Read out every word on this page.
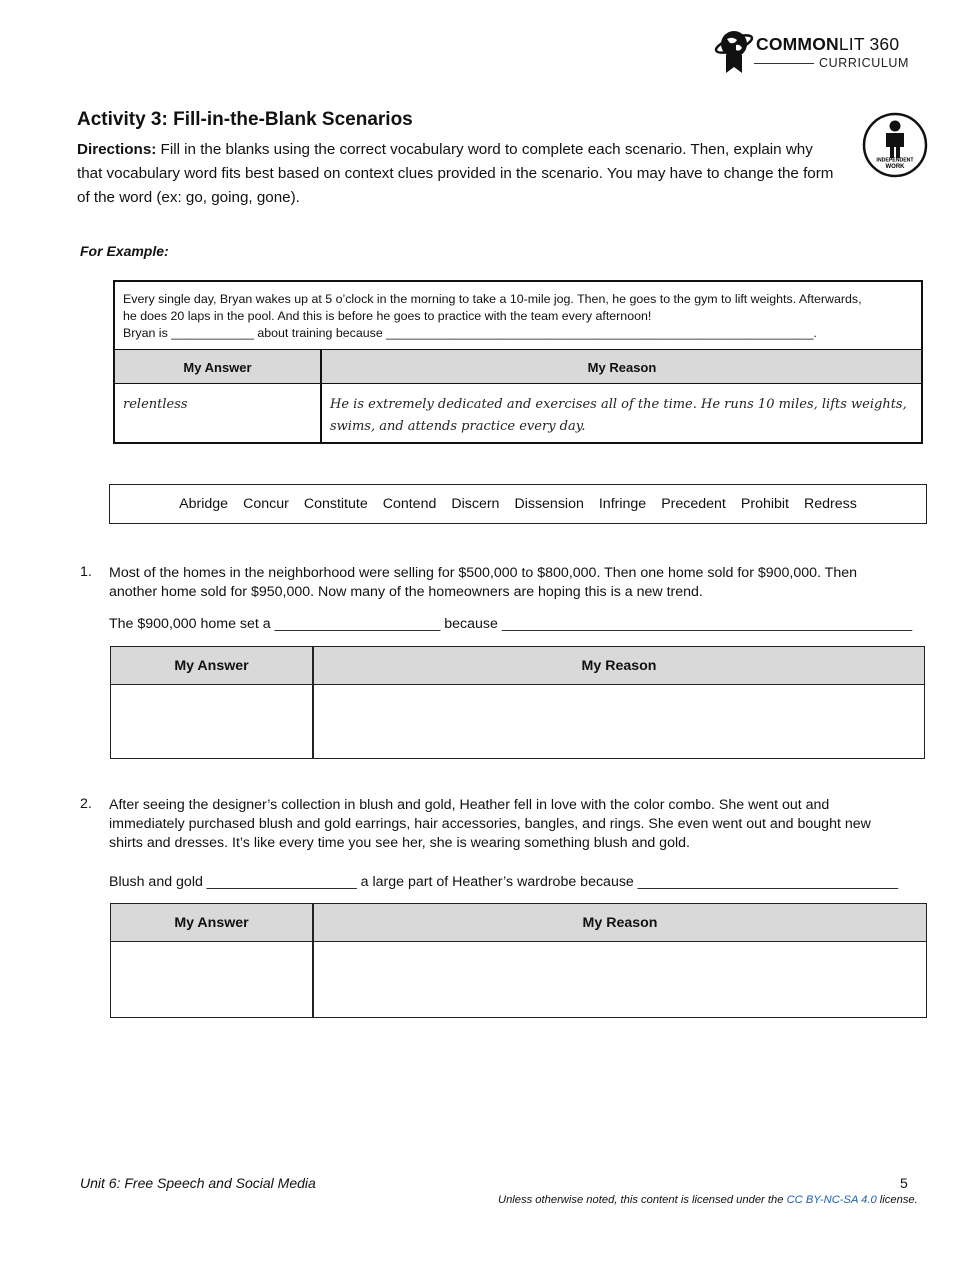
COMMONLIT 360
CURRICULUM
Activity 3: Fill-in-the-Blank Scenarios
Directions: Fill in the blanks using the correct vocabulary word to complete each scenario. Then, explain why that vocabulary word fits best based on context clues provided in the scenario. You may have to change the form of the word (ex: go, going, gone).
INDEPENDENT
WORK
For Example:
Every single day, Bryan wakes up at 5 o’clock in the morning to take a 10-mile jog. Then, he goes to the gym to lift weights. Afterwards,
he does 20 laps in the pool. And this is before he goes to practice with the team every afternoon!
Bryan is ____________ about training because ______________________________________________________________.
My Answer	My Reason
relentless	He is extremely dedicated and exercises all of the time. He runs 10 miles, lifts weights, swims, and attends practice every day.
Abridge Concur Constitute Contend Discern Dissension Infringe Precedent Prohibit Redress
1. Most of the homes in the neighborhood were selling for $500,000 to $800,000. Then one home sold for $900,000. Then another home sold for $950,000. Now many of the homeowners are hoping this is a new trend.
The $900,000 home set a _____________________ because ____________________________________________________
My Answer	My Reason
2. After seeing the designer’s collection in blush and gold, Heather fell in love with the color combo. She went out and immediately purchased blush and gold earrings, hair accessories, bangles, and rings. She even went out and bought new shirts and dresses. It’s like every time you see her, she is wearing something blush and gold.
Blush and gold ___________________ a large part of Heather’s wardrobe because _________________________________
My Answer	My Reason
Unit 6: Free Speech and Social Media	5
Unless otherwise noted, this content is licensed under the CC BY-NC-SA 4.0 license.
